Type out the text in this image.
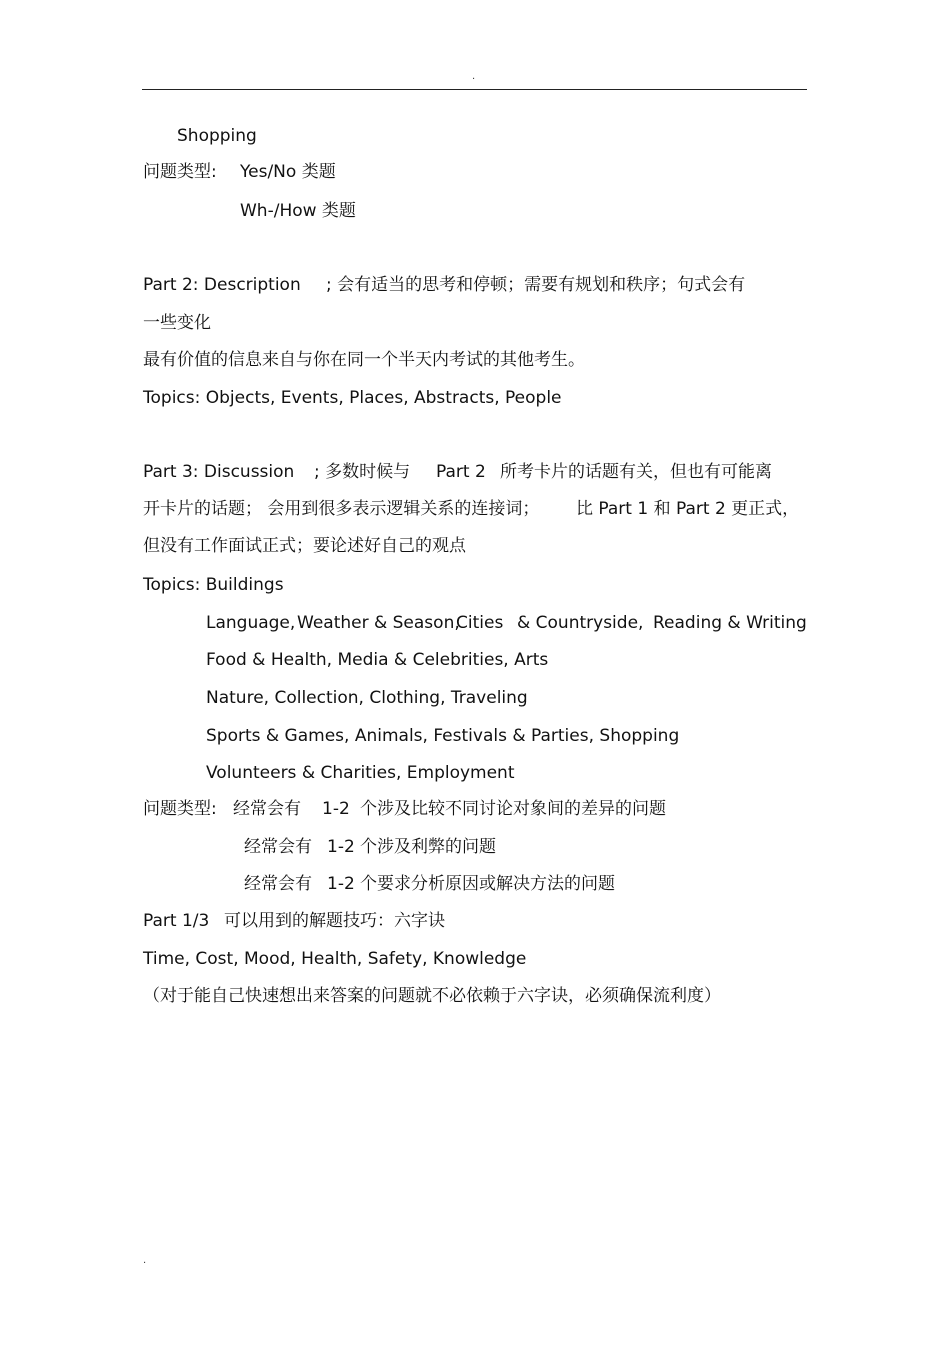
.
Shopping
问题类型: Yes/No 类题
Wh-/How 类题
Part 2: Description ; 会有适当的思考和停顿；需要有规划和秩序；句式会有
一些变化
最有价值的信息来自与你在同一个半天内考试的其他考生。
Topics: Objects, Events, Places, Abstracts, People
Part 3: Discussion ; 多数时候与 Part 2 所考卡片的话题有关，但也有可能离
开卡片的话题； 会用到很多表示逻辑关系的连接词； 比 Part 1 和 Part 2 更正式，
但没有工作面试正式；要论述好自己的观点
Topics: Buildings
Language, Weather & Season,
Cities & Countryside, Reading & Writing
Food & Health, Media & Celebrities, Arts
Nature, Collection, Clothing, Traveling
Sports & Games, Animals, Festivals & Parties, Shopping
Volunteers & Charities, Employment
问题类型: 经常会有 1-2 个涉及比较不同讨论对象间的差异的问题
经常会有 1-2 个涉及利弊的问题
经常会有 1-2 个要求分析原因或解决方法的问题
Part 1/3 可以用到的解题技巧：六字诀
Time, Cost, Mood, Health, Safety, Knowledge
（对于能自己快速想出来答案的问题就不必依赖于六字诀，必须确保流利度）
.
